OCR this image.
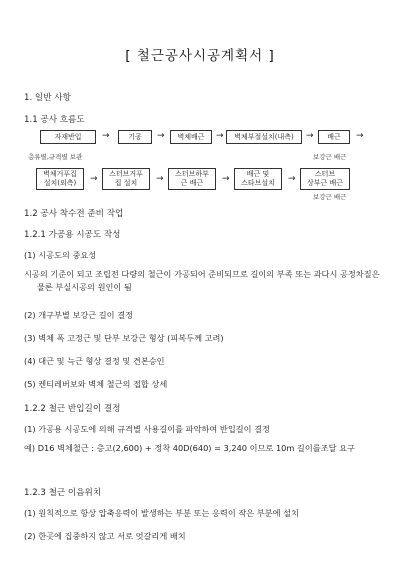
[ 철근공사시공계획서 ]
1. 일반 사항
1.1 공사 흐름도
자재반입	→	기공	→	벽체배근	→	벽체부절설치(내측)	→	배근	→
층류별,규격별 보관	보강근 배근
벽체거푸집
설치(외측)	→	스터브거푸
집 설치	→	스터브하부
근 배근	→	배근 및
스타브설치	→	스터브
상부근 배근
보강근 배근
1.2 공사 착수전 준비 작업
1.2.1 가공용 시공도 작성
(1) 시공도의 중요성
시공의 기준이 되고 조립전 다량의 철근이 가공되어 준비되므로 길이의 부족 또는 과다시 공정차질은 물론 부실시공의 원인이 됨
(2) 개구부별 보강근 길이 결정
(3) 벽체 폭 고정근 및 단부 보강근 형상 (피복두께 고려)
(4) 대근 및 늑근 형상 결정 및 견본승인
(5) 켄티레버보와 벽체 철근의 접합 상세
1.2.2 철근 반입길이 결정
(1) 가공용 시공도에 의해 규격별 사용길이를 파악하여 반입길이 결정
예) D16 벽체철근 : 층고(2,600) + 정착 40D(640) = 3,240 이므로 10m 길이를조달 요구
1.2.3 철근 이음위치
(1) 원칙적으로 항상 압축응력이 발생하는 부분 또는 응력이 작은 부분에 설치
(2) 한곳에 집중하지 않고 서로 엇갈리게 배치
